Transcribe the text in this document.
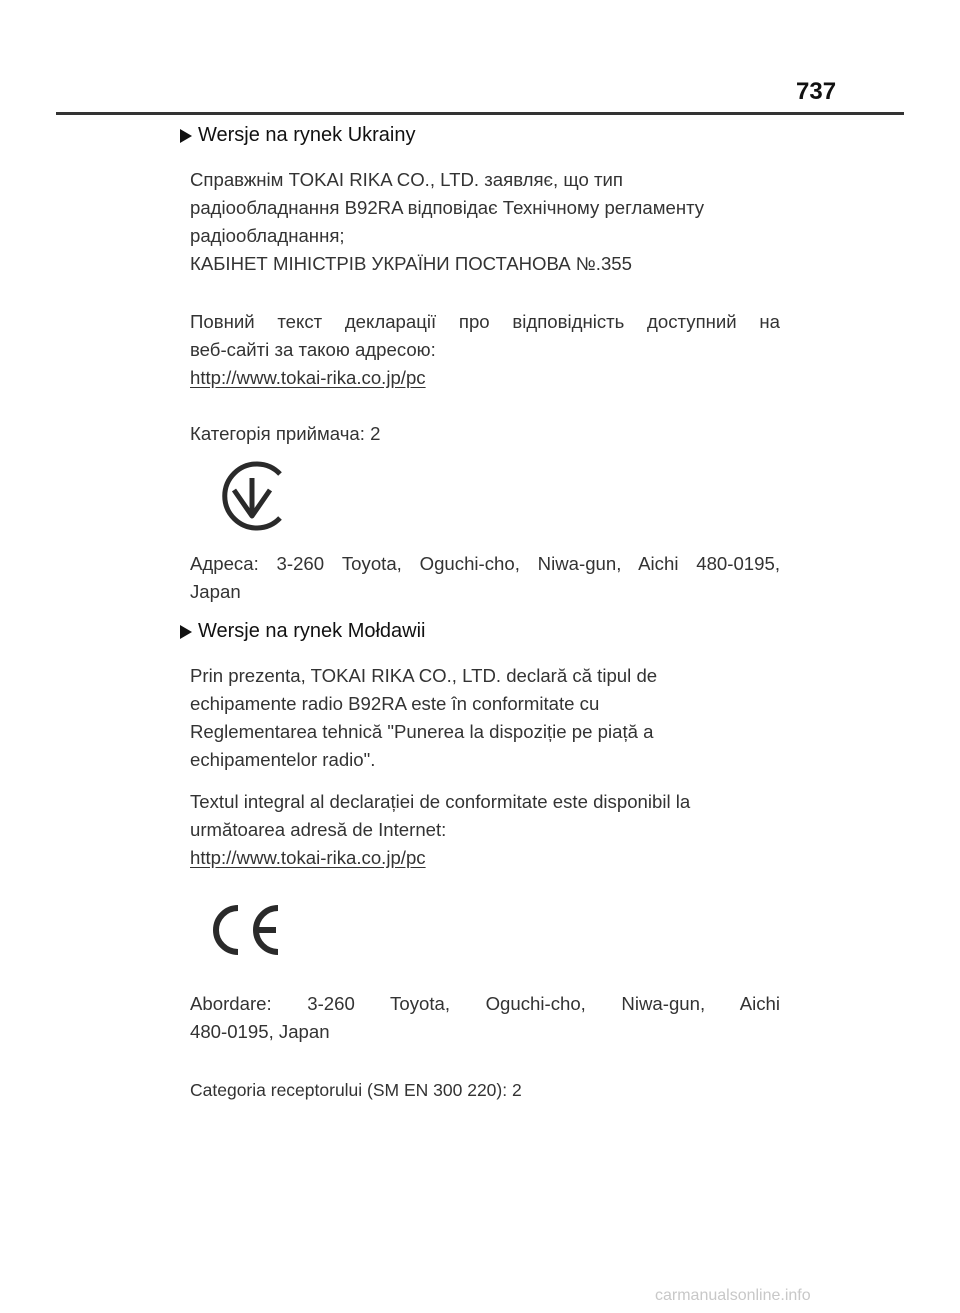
737
Wersje na rynek Ukrainy

Справжнім TOKAI RIKA CO., LTD. заявляє, що тип

радіообладнання B92RA відповідає Технічному регламенту

радіообладнання;

КАБІНЕТ МІНІСТРІВ УКРАЇНИ ПОСТАНОВА №.355

Повний текст декларації про відповідність доступний на

веб-сайті за такою адресою:

http://www.tokai-rika.co.jp/pc

Категорія приймача: 2

Адреса: 3-260 Toyota, Oguchi-cho, Niwa-gun, Aichi 480-0195,

Japan

Wersje na rynek Mołdawii

Prin prezenta, TOKAI RIKA CO., LTD. declară că tipul de

echipamente radio B92RA este în conformitate cu

Reglementarea tehnică "Punerea la dispoziție pe piață a

echipamentelor radio".

Textul integral al declarației de conformitate este disponibil la

următoarea adresă de Internet:

http://www.tokai-rika.co.jp/pc

Abordare: 3-260 Toyota, Oguchi-cho, Niwa-gun, Aichi

480-0195, Japan

Categoria receptorului (SM EN 300 220): 2

carmanualsonline.info
